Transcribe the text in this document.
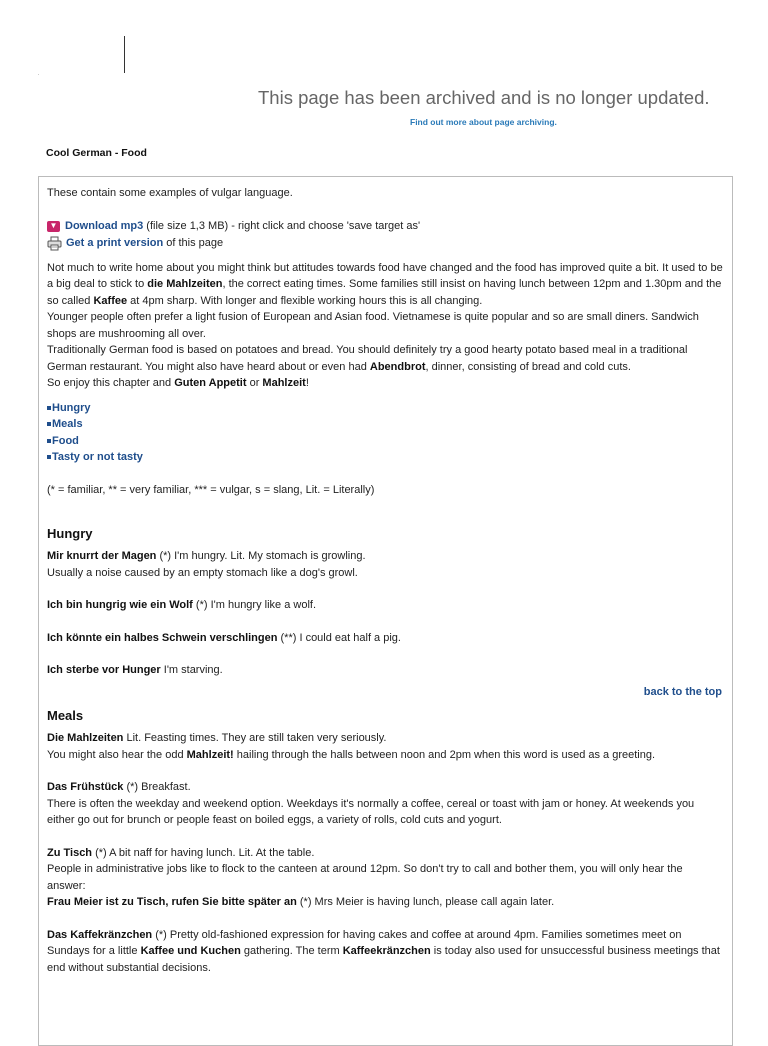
This page has been archived and is no longer updated.
Find out more about page archiving.
Cool German - Food

These contain some examples of vulgar language.

▼ Download mp3 (file size 1,3 MB) - right click and choose 'save target as'
Get a print version of this page

Not much to write home about you might think but attitudes towards food have changed and the food has improved quite a bit. It used to be a big deal to stick to die Mahlzeiten, the correct eating times. Some families still insist on having lunch between 12pm and 1.30pm and the so called Kaffee at 4pm sharp. With longer and flexible working hours this is all changing.

Younger people often prefer a light fusion of European and Asian food. Vietnamese is quite popular and so are small diners. Sandwich shops are mushrooming all over.

Traditionally German food is based on potatoes and bread. You should definitely try a good hearty potato based meal in a traditional German restaurant. You might also have heard about or even had Abendbrot, dinner, consisting of bread and cold cuts.

So enjoy this chapter and Guten Appetit or Mahlzeit!

Hungry
Meals
Food
Tasty or not tasty

(* = familiar, ** = very familiar, *** = vulgar, s = slang, Lit. = Literally)

Hungry

Mir knurrt der Magen (*) I'm hungry. Lit. My stomach is growling.

Usually a noise caused by an empty stomach like a dog's growl.

Ich bin hungrig wie ein Wolf (*) I'm hungry like a wolf.

Ich könnte ein halbes Schwein verschlingen (**) I could eat half a pig.

Ich sterbe vor Hunger I'm starving.

back to the top

Meals

Die Mahlzeiten Lit. Feasting times. They are still taken very seriously.

You might also hear the odd Mahlzeit! hailing through the halls between noon and 2pm when this word is used as a greeting.

Das Frühstück (*) Breakfast.

There is often the weekday and weekend option. Weekdays it's normally a coffee, cereal or toast with jam or honey. At weekends you either go out for brunch or people feast on boiled eggs, a variety of rolls, cold cuts and yogurt.

Zu Tisch (*) A bit naff for having lunch. Lit. At the table.

People in administrative jobs like to flock to the canteen at around 12pm. So don't try to call and bother them, you will only hear the answer:

Frau Meier ist zu Tisch, rufen Sie bitte später an (*) Mrs Meier is having lunch, please call again later.

Das Kaffekränzchen (*) Pretty old-fashioned expression for having cakes and coffee at around 4pm. Families sometimes meet on Sundays for a little Kaffee und Kuchen gathering. The term Kaffeekränzchen is today also used for unsuccessful business meetings that end without substantial decisions.
